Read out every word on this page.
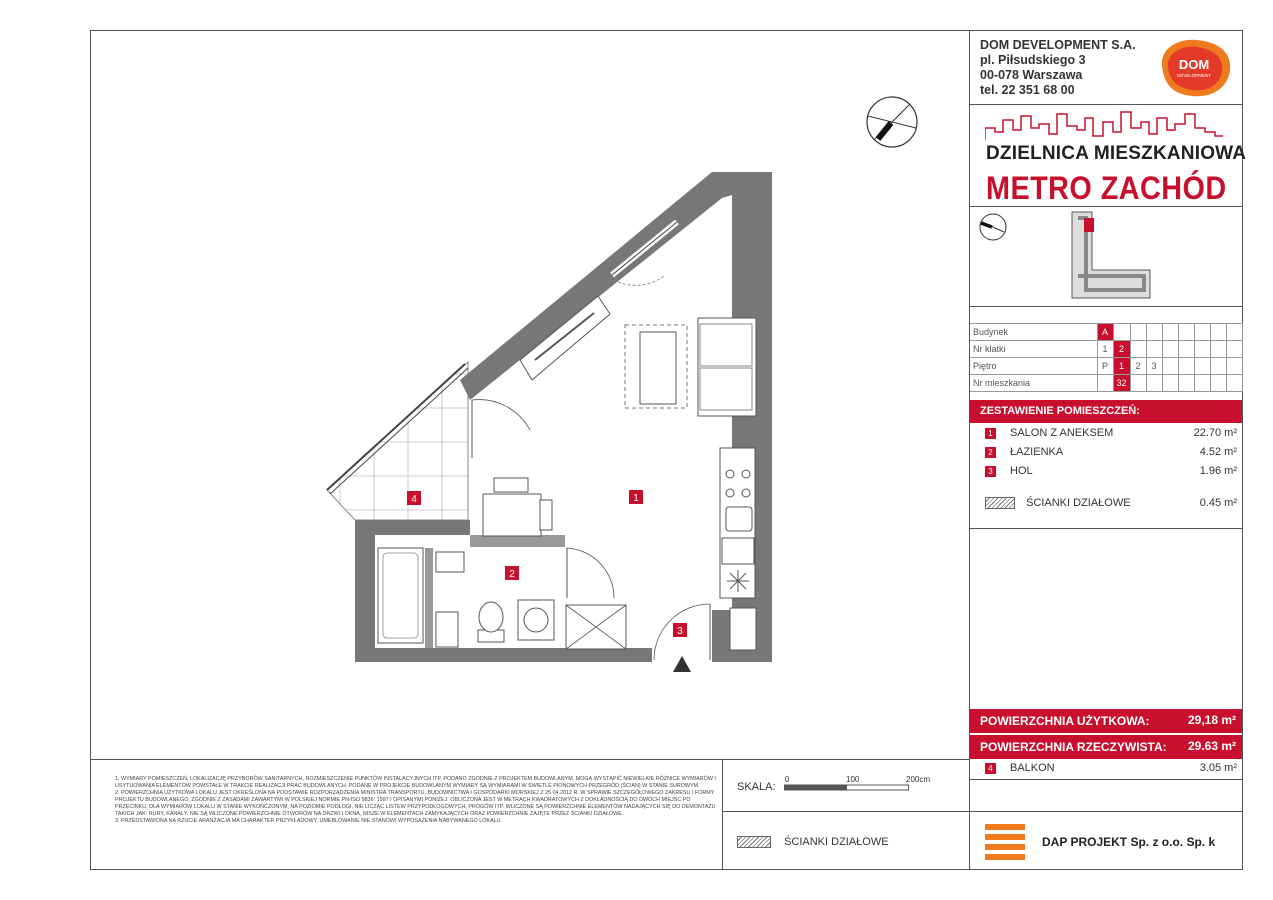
DOM DEVELOPMENT S.A.
pl. Piłsudskiego 3
00-078 Warszawa
tel. 22 351 68 00
DOM
DEVELOPMENT
DZIELNICA MIESZKANIOWA
METRO ZACHÓD
Budynek	A								
Nr klatki	1	2							
Piętro	P	1	2	3					
Nr mieszkania		32							
ZESTAWIENIE POMIESZCZEŃ:
1 SALON Z ANEKSEM	22.70 m²
2 ŁAZIENKA	4.52 m²
3 HOL	1.96 m²
ŚCIANKI DZIAŁOWE	0.45 m²
POWIERZCHNIA UŻYTKOWA:	29,18 m²
POWIERZCHNIA RZECZYWISTA: 29.63 m²
4 BALKON	3.05 m²
DAP PROJEKT Sp. z o.o. Sp. k
1. WYMIARY POMIESZCZEŃ, LOKALIZACJĘ PRZYBORÓW SANITARNYCH, ROZMIESZCZENIE PUNKTÓW INSTALACYJNYCH ITP. PODANO ZGODNIE Z PROJEKTEM BUDOWLANYM. MOGĄ WYSTĄPIĆ NIEWIELKIE RÓŻNICE WYMIARÓW I USYTUOWANIA ELEMENTÓW POWSTAŁE W TRAKCIE REALIZACJI PRAC BUDOWLANYCH. PODANE W PROJEKCIE BUDOWLANYM WYMIARY SĄ WYMIARAMI W ŚWIETLE PIONOWYCH PRZEGRÓD (ŚCIAN) W STANIE SUROWYM.
2. POWIERZCHNIA UŻYTKOWA LOKALU JEST OKREŚLONA NA PODSTAWIE ROZPORZĄDZENIA MINISTRA TRANSPORTU, BUDOWNICTWA I GOSPODARKI MORSKIEJ Z 25.04.2012 R. W SPRAWIE SZCZEGÓŁOWEGO ZAKRESU I FORMY PROJEKTU BUDOWLANEGO, ZGODNIE Z ZASADAMI ZAWARTYMI W POLSKIEJ NORMIE PN-ISO 9836: 1997 I OPISANYMI PONIŻEJ: OBLICZONA JEST W METRACH KWADRATOWYCH Z DOKŁADNOŚCIĄ DO DWÓCH MIEJSC PO PRZECINKU, DLA WYMIARÓW LOKALU W STANIE WYKOŃCZONYM, NA POZIOMIE PODŁOGI, NIE LICZĄC LISTEW PRZYPODŁOGOWYCH, PROGÓW ITP. WLICZONE SĄ POWIERZCHNIE ELEMENTÓW NADAJĄCYCH SIĘ DO DEMONTAŻU TAKICH JAK: RURY, KANAŁY. NIE SĄ WLICZONE POWIERZCHNIE OTWORÓW NA DRZWI I OKNA, NISZE W ELEMENTACH ZAMYKAJĄCYCH ORAZ POWIERZCHNIE ZAJĘTE PRZEZ ŚCIANKI DZIAŁOWE.
3. PRZEDSTAWIONA NA RZUCIE ARANŻACJA MA CHARAKTER PRZYKŁADOWY, UMEBLOWANIE NIE STANOWI WYPOSAŻENIA NABYWANEGO LOKALU.
SKALA:
0	100	200cm
ŚCIANKI DZIAŁOWE
1
2
3
4
